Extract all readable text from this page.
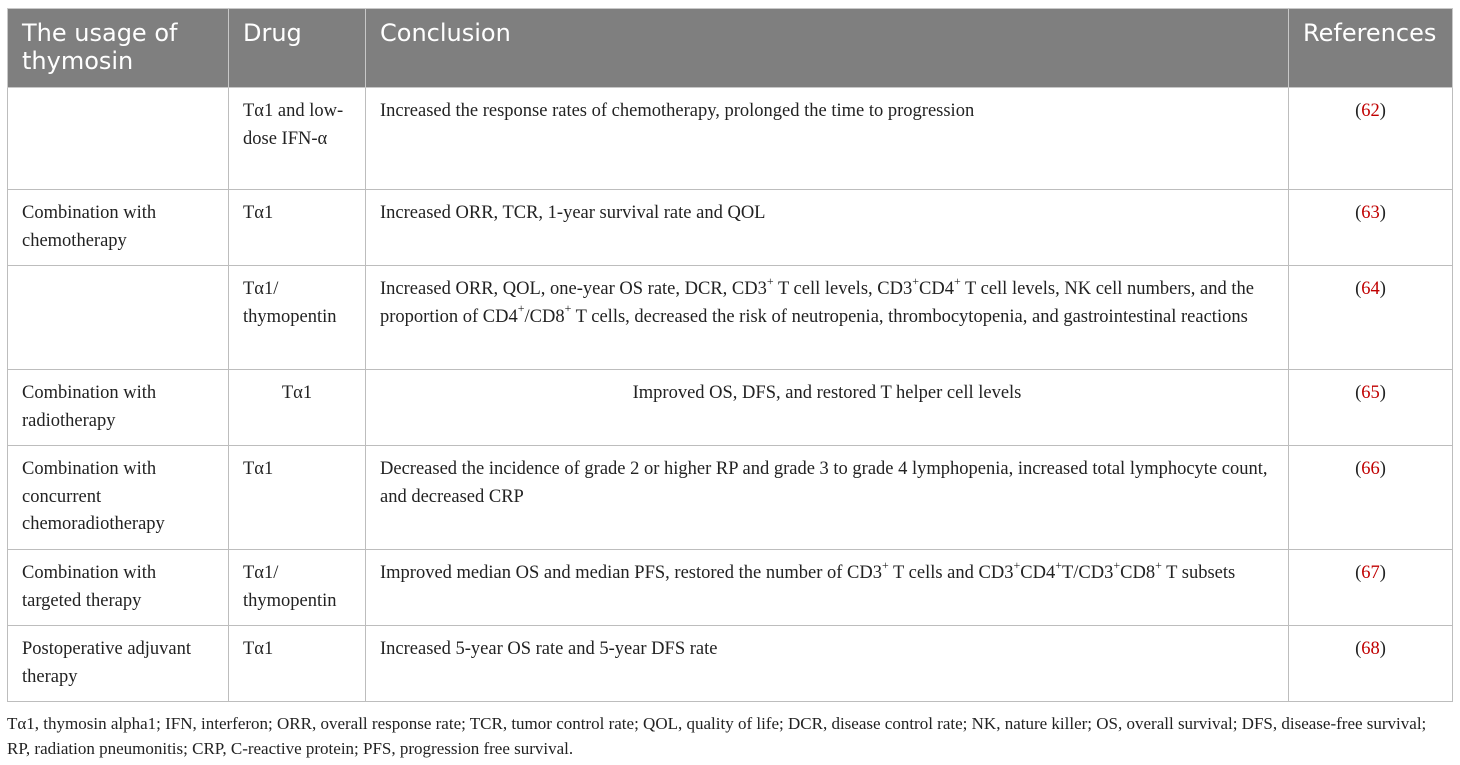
The usage of thymosin	Drug	Conclusion	References
	Tα1 and low-dose IFN-α	Increased the response rates of chemotherapy, prolonged the time to progression	(62)
Combination with chemotherapy	Tα1	Increased ORR, TCR, 1-year survival rate and QOL	(63)
	Tα1/ thymopentin	Increased ORR, QOL, one-year OS rate, DCR, CD3+ T cell levels, CD3+CD4+ T cell levels, NK cell numbers, and the proportion of CD4+/CD8+ T cells, decreased the risk of neutropenia, thrombocytopenia, and gastrointestinal reactions	(64)
Combination with radiotherapy	Tα1	Improved OS, DFS, and restored T helper cell levels	(65)
Combination with concurrent chemoradiotherapy	Tα1	Decreased the incidence of grade 2 or higher RP and grade 3 to grade 4 lymphopenia, increased total lymphocyte count, and decreased CRP	(66)
Combination with targeted therapy	Tα1/ thymopentin	Improved median OS and median PFS, restored the number of CD3+ T cells and CD3+CD4+T/CD3+CD8+ T subsets	(67)
Postoperative adjuvant therapy	Tα1	Increased 5-year OS rate and 5-year DFS rate	(68)
Tα1, thymosin alpha1; IFN, interferon; ORR, overall response rate; TCR, tumor control rate; QOL, quality of life; DCR, disease control rate; NK, nature killer; OS, overall survival; DFS, disease-free survival; RP, radiation pneumonitis; CRP, C-reactive protein; PFS, progression free survival.
